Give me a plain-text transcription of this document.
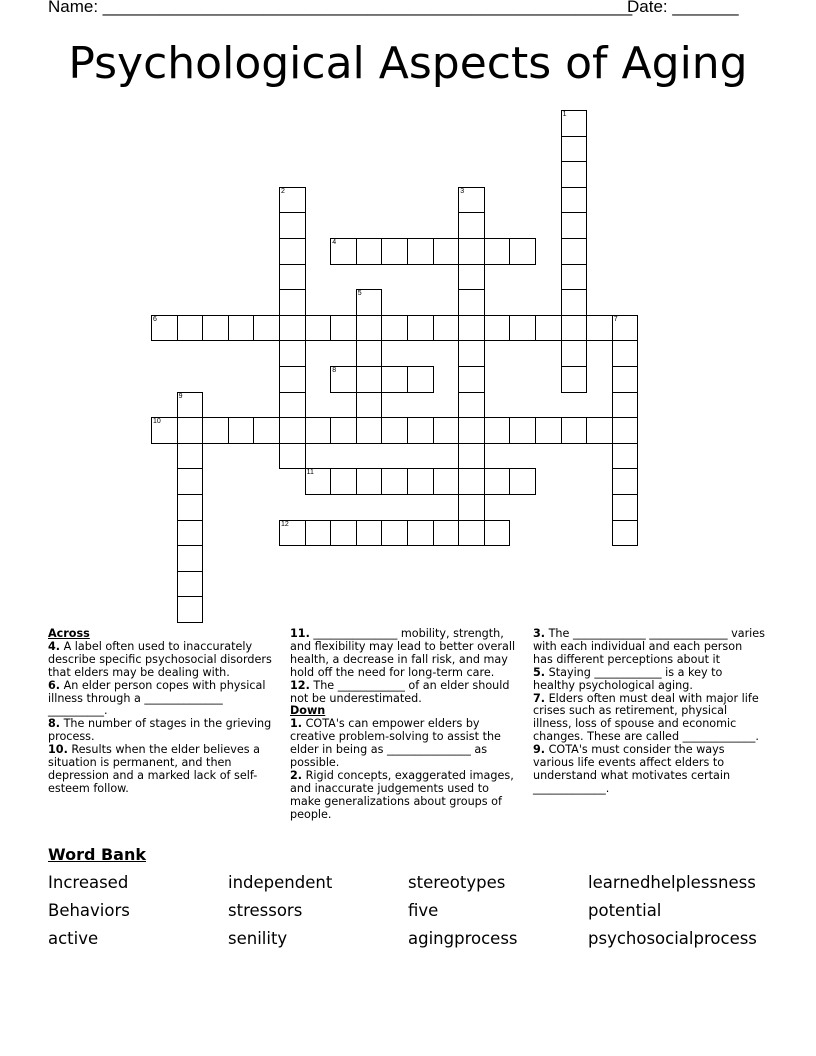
Name: ________________________________________________________
Date: _______
Psychological Aspects of Aging
1
2	3
4
5
6	7
8
9
10
11
12
Across

4. A label often used to inaccurately describe specific psychosocial disorders that elders may be dealing with.

6. An elder person copes with physical illness through a ______________ __________.

8. The number of stages in the grieving process.

10. Results when the elder believes a situation is permanent, and then depression and a marked lack of self-esteem follow.

11. _______________ mobility, strength, and flexibility may lead to better overall health, a decrease in fall risk, and may hold off the need for long-term care.

12. The ____________ of an elder should not be underestimated.

Down

1. COTA's can empower elders by creative problem-solving to assist the elder in being as _______________ as possible.

2. Rigid concepts, exaggerated images, and inaccurate judgements used to make generalizations about groups of people.

3. The _____________ ______________ varies with each individual and each person has different perceptions about it

5. Staying ____________ is a key to healthy psychological aging.

7. Elders often must deal with major life crises such as retirement, physical illness, loss of spouse and economic changes. These are called _____________.

9. COTA's must consider the ways various life events affect elders to understand what motivates certain _____________.

Word Bank
Increased	independent	stereotypes	learnedhelplessness
Behaviors	stressors	five	potential
active	senility	agingprocess	psychosocialprocess
